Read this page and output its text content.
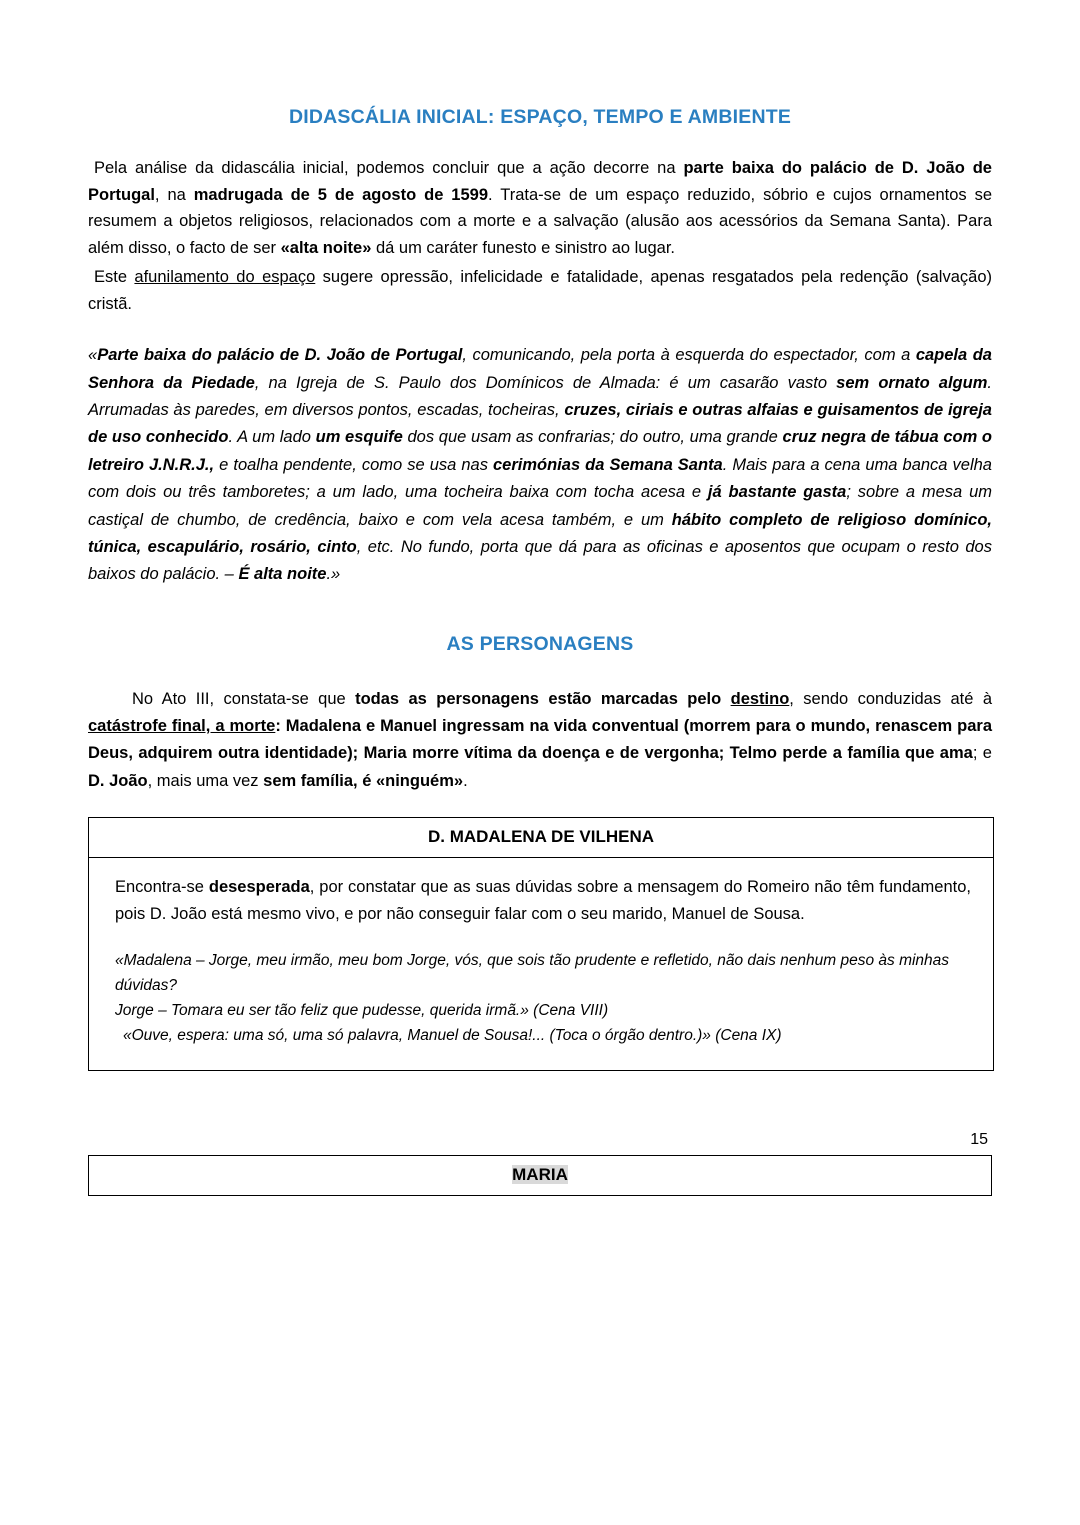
DIDASCÁLIA INICIAL: ESPAÇO, TEMPO E AMBIENTE

Pela análise da didascália inicial, podemos concluir que a ação decorre na parte baixa do palácio de D. João de Portugal, na madrugada de 5 de agosto de 1599. Trata-se de um espaço reduzido, sóbrio e cujos ornamentos se resumem a objetos religiosos, relacionados com a morte e a salvação (alusão aos acessórios da Semana Santa). Para além disso, o facto de ser «alta noite» dá um caráter funesto e sinistro ao lugar.

Este afunilamento do espaço sugere opressão, infelicidade e fatalidade, apenas resgatados pela redenção (salvação) cristã.

«Parte baixa do palácio de D. João de Portugal, comunicando, pela porta à esquerda do espectador, com a capela da Senhora da Piedade, na Igreja de S. Paulo dos Domínicos de Almada: é um casarão vasto sem ornato algum. Arrumadas às paredes, em diversos pontos, escadas, tocheiras, cruzes, ciriais e outras alfaias e guisamentos de igreja de uso conhecido. A um lado um esquife dos que usam as confrarias; do outro, uma grande cruz negra de tábua com o letreiro J.N.R.J., e toalha pendente, como se usa nas cerimónias da Semana Santa. Mais para a cena uma banca velha com dois ou três tamboretes; a um lado, uma tocheira baixa com tocha acesa e já bastante gasta; sobre a mesa um castiçal de chumbo, de credência, baixo e com vela acesa também, e um hábito completo de religioso domínico, túnica, escapulário, rosário, cinto, etc. No fundo, porta que dá para as oficinas e aposentos que ocupam o resto dos baixos do palácio. – É alta noite.»

AS PERSONAGENS

No Ato III, constata-se que todas as personagens estão marcadas pelo destino, sendo conduzidas até à catástrofe final, a morte: Madalena e Manuel ingressam na vida conventual (morrem para o mundo, renascem para Deus, adquirem outra identidade); Maria morre vítima da doença e de vergonha; Telmo perde a família que ama; e D. João, mais uma vez sem família, é «ninguém».

D. MADALENA DE VILHENA

Encontra-se desesperada, por constatar que as suas dúvidas sobre a mensagem do Romeiro não têm fundamento, pois D. João está mesmo vivo, e por não conseguir falar com o seu marido, Manuel de Sousa.

«Madalena – Jorge, meu irmão, meu bom Jorge, vós, que sois tão prudente e refletido, não dais nenhum peso às minhas dúvidas?
Jorge – Tomara eu ser tão feliz que pudesse, querida irmã.» (Cena VIII)
«Ouve, espera: uma só, uma só palavra, Manuel de Sousa!... (Toca o órgão dentro.)» (Cena IX)
15
MARIA
